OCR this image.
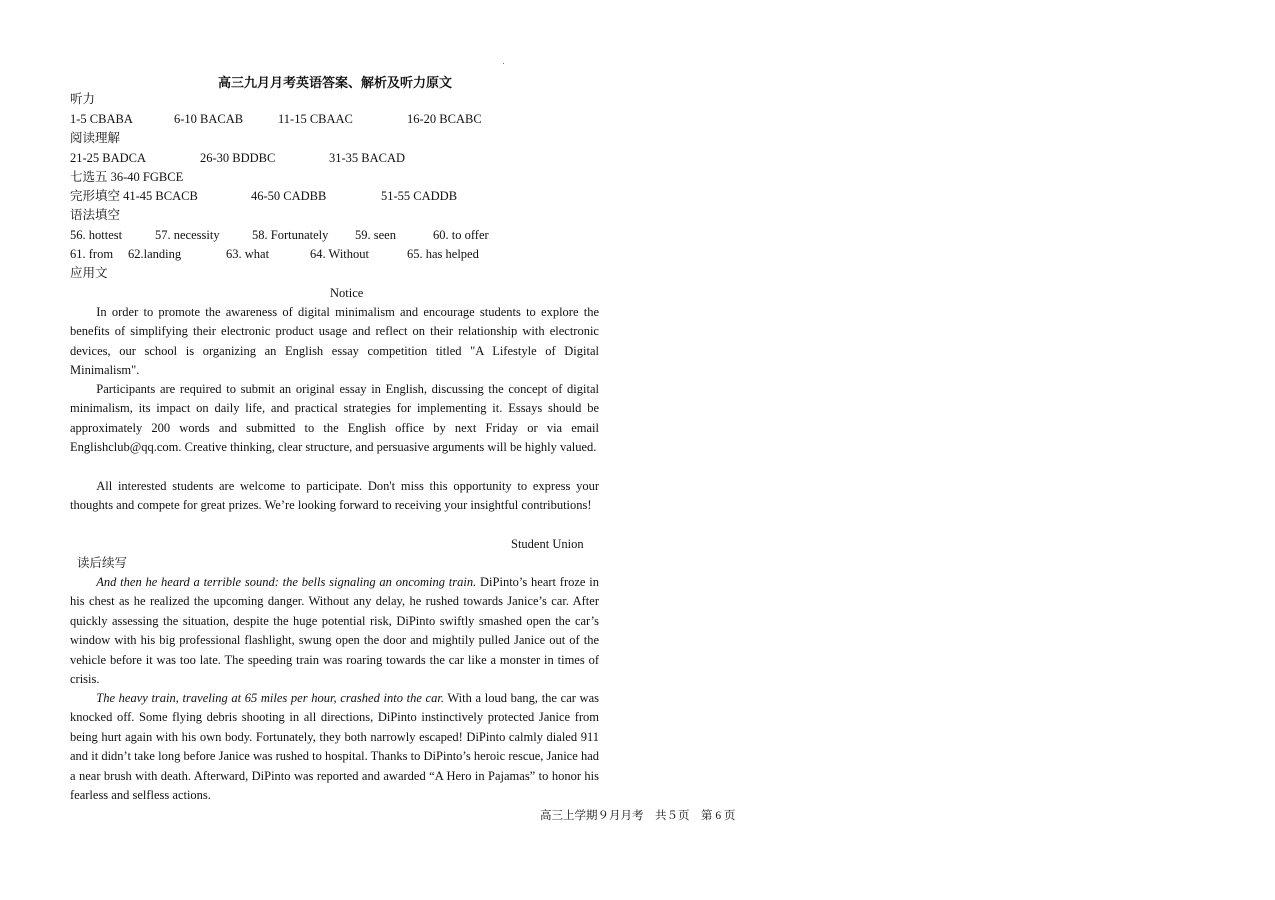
高三九月月考英语答案、解析及听力原文
听力
1-5 CBABA	6-10 BACAB	11-15 CBAAC	16-20 BCABC
阅读理解
21-25 BADCA	26-30 BDDBC	31-35 BACAD
七选五 36-40 FGBCE
完形填空 41-45 BCACB	46-50 CADBB	51-55 CADDB
语法填空
56. hottest	57. necessity	58. Fortunately 59. seen	60. to offer
61. from 62.landing	63. what	64. Without	65. has helped
应用文
Notice

In order to promote the awareness of digital minimalism and encourage students to explore the benefits of simplifying their electronic product usage and reflect on their relationship with electronic devices, our school is organizing an English essay competition titled "A Lifestyle of Digital Minimalism".

Participants are required to submit an original essay in English, discussing the concept of digital minimalism, its impact on daily life, and practical strategies for implementing it. Essays should be approximately 200 words and submitted to the English office by next Friday or via email Englishclub@qq.com. Creative thinking, clear structure, and persuasive arguments will be highly valued.

All interested students are welcome to participate. Don't miss this opportunity to express your thoughts and compete for great prizes. We’re looking forward to receiving your insightful contributions!

Student Union
读后续写

And then he heard a terrible sound: the bells signaling an oncoming train. DiPinto’s heart froze in his chest as he realized the upcoming danger. Without any delay, he rushed towards Janice’s car. After quickly assessing the situation, despite the huge potential risk, DiPinto swiftly smashed open the car’s window with his big professional flashlight, swung open the door and mightily pulled Janice out of the vehicle before it was too late. The speeding train was roaring towards the car like a monster in times of crisis.

The heavy train, traveling at 65 miles per hour, crashed into the car. With a loud bang, the car was knocked off. Some flying debris shooting in all directions, DiPinto instinctively protected Janice from being hurt again with his own body. Fortunately, they both narrowly escaped! DiPinto calmly dialed 911 and it didn’t take long before Janice was rushed to hospital. Thanks to DiPinto’s heroic rescue, Janice had a near brush with death. Afterward, DiPinto was reported and awarded “A Hero in Pajamas” to honor his fearless and selfless actions.

高三上学期９月月考 共５页 第 6 页
